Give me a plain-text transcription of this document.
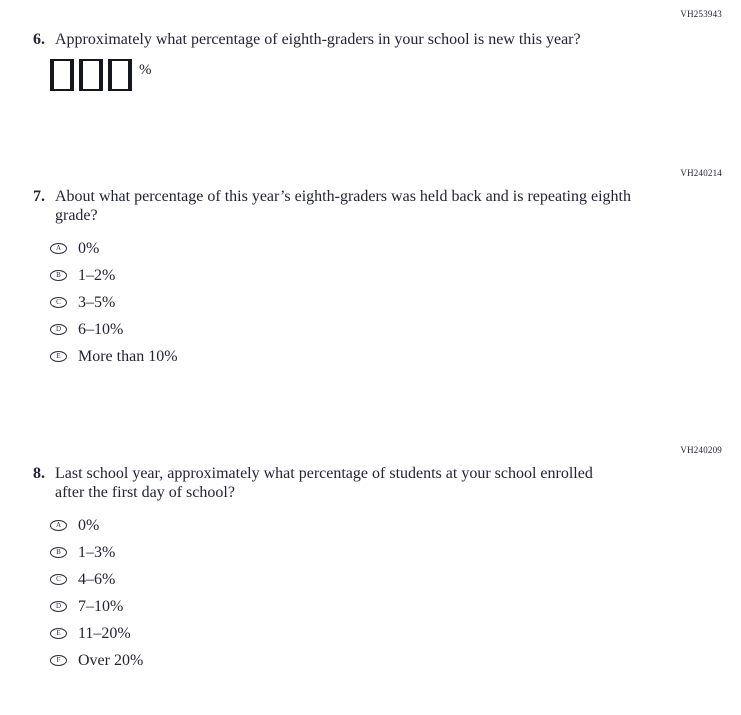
VH253943
6. Approximately what percentage of eighth-graders in your school is new this year?
%
VH240214
7. About what percentage of this year’s eighth-graders was held back and is repeating eighth grade?
A 0%
B 1–2%
C 3–5%
D 6–10%
E More than 10%
VH240209
8. Last school year, approximately what percentage of students at your school enrolled after the first day of school?
A 0%
B 1–3%
C 4–6%
D 7–10%
E 11–20%
F Over 20%
